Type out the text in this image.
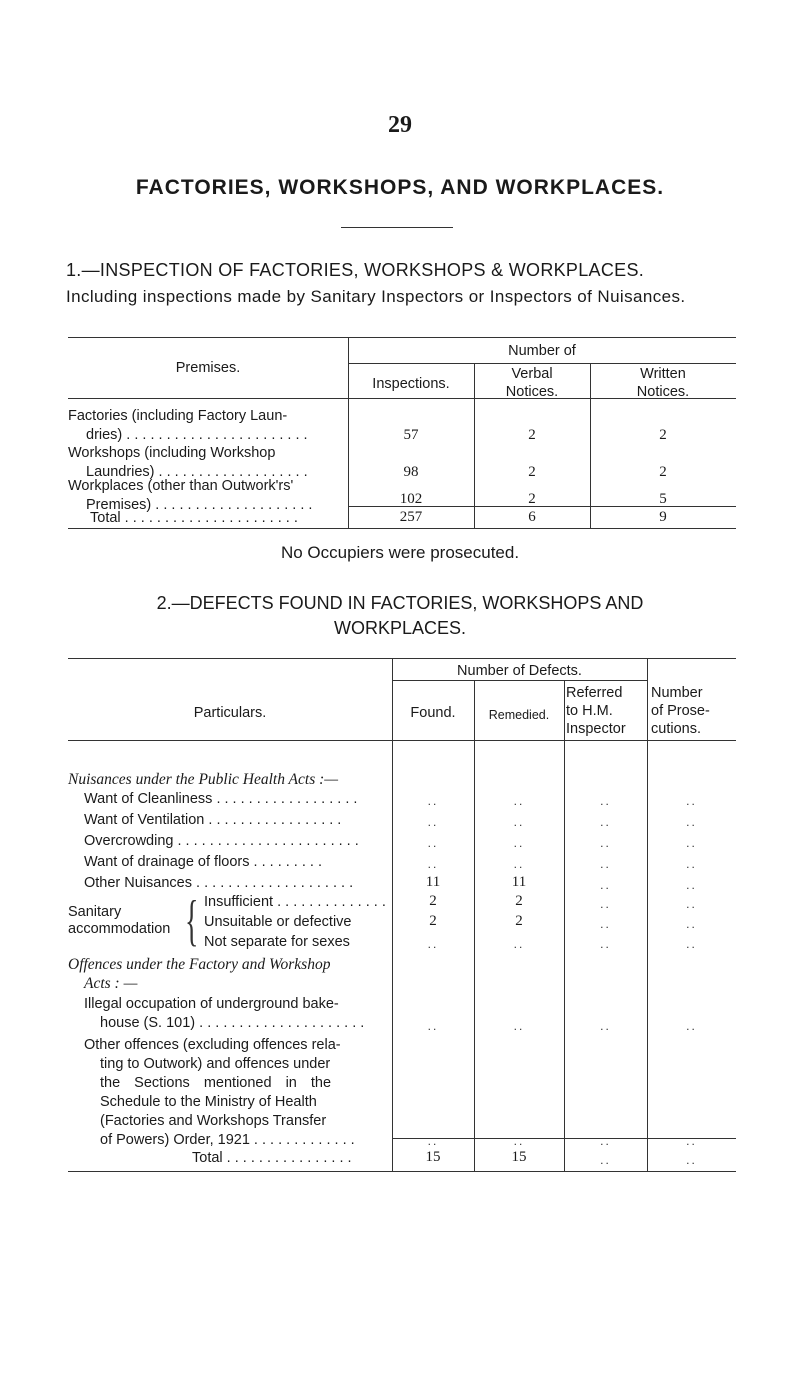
29
FACTORIES, WORKSHOPS, AND WORKPLACES.
1.—INSPECTION OF FACTORIES, WORKSHOPS & WORKPLACES.
Including inspections made by Sanitary Inspectors or Inspectors of Nuisances.
Premises.
Number of
Inspections.
Verbal
Notices.
Written
Notices.
Factories (including Factory Laun-
dries) . . . . . . . . . . . . . . . . . . . . . . .	57	2	2
Workshops (including Workshop
Laundries) . . . . . . . . . . . . . . . . . . .	98	2	2
Workplaces (other than Outwork'rs'
Premises) . . . . . . . . . . . . . . . . . . . .	102	2	5
Total . . . . . . . . . . . . . . . . . . . . . .	257	6	9
No Occupiers were prosecuted.
2.—DEFECTS FOUND IN FACTORIES, WORKSHOPS AND
WORKPLACES.
Particulars.
Number of Defects.
Found.	Remedied.
Referred
to H.M.
Inspector
Number
of Prose-
cutions.
Nuisances under the Public Health Acts :—
Want of Cleanliness . . . . . . . . . . . . . . . . . .	..	..	..	..
Want of Ventilation . . . . . . . . . . . . . . . . .	..	..	..	..
Overcrowding . . . . . . . . . . . . . . . . . . . . . . .	..	..	..	..
Want of drainage of floors . . . . . . . . .	..	..	..	..
Other Nuisances . . . . . . . . . . . . . . . . . . . .	11	11	..	..
Sanitary
accommodation { Insufficient . . . . . . . . . . . . . .	2	2	..	..
Unsuitable or defective	2	2	..	..
Not separate for sexes	..	..	..	..
Offences under the Factory and Workshop
Acts : —
Illegal occupation of underground bake-
house (S. 101) . . . . . . . . . . . . . . . . . . . . .	..	..	..	..
Other offences (excluding offences rela-
ting to Outwork) and offences under
the Sections mentioned in the
Schedule to the Ministry of Health
(Factories and Workshops Transfer
of Powers) Order, 1921 . . . . . . . . . . . . .	..	..	..	..
Total . . . . . . . . . . . . . . . .	15	15	..	..
